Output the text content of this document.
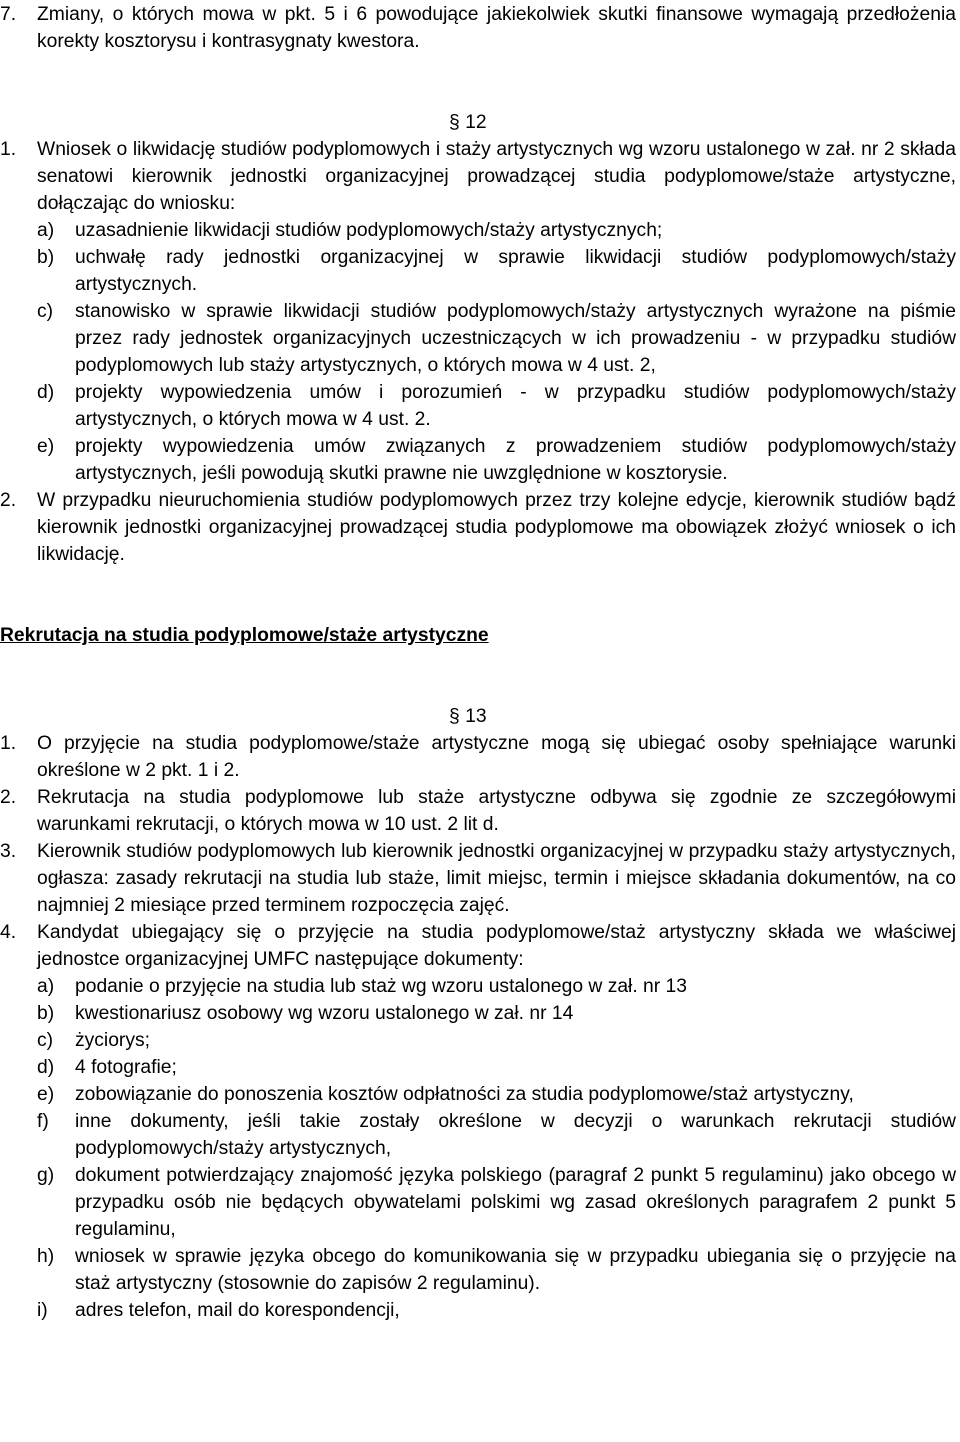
7.	Zmiany, o których mowa w pkt. 5 i 6 powodujące jakiekolwiek skutki finansowe wymagają przedłożenia korekty kosztorysu i kontrasygnaty kwestora.

§ 12
1.	Wniosek o likwidację studiów podyplomowych i staży artystycznych wg wzoru ustalonego w zał. nr 2 składa senatowi kierownik jednostki organizacyjnej prowadzącej studia podyplomowe/staże artystyczne, dołączając do wniosku:

a)	uzasadnienie likwidacji studiów podyplomowych/staży artystycznych;

b)	uchwałę rady jednostki organizacyjnej w sprawie likwidacji studiów podyplomowych/staży artystycznych.

c)	stanowisko w sprawie likwidacji studiów podyplomowych/staży artystycznych wyrażone na piśmie przez rady jednostek organizacyjnych uczestniczących w ich prowadzeniu - w przypadku studiów podyplomowych lub staży artystycznych, o których mowa w 4 ust. 2,

d)	projekty wypowiedzenia umów i porozumień - w przypadku studiów podyplomowych/staży artystycznych, o których mowa w 4 ust. 2.

e)	projekty wypowiedzenia umów związanych z prowadzeniem studiów podyplomowych/staży artystycznych, jeśli powodują skutki prawne nie uwzględnione w kosztorysie.

2.	W przypadku nieuruchomienia studiów podyplomowych przez trzy kolejne edycje, kierownik studiów bądź kierownik jednostki organizacyjnej prowadzącej studia podyplomowe ma obowiązek złożyć wniosek o ich likwidację.

Rekrutacja na studia podyplomowe/staże artystyczne

§ 13
1.	O przyjęcie na studia podyplomowe/staże artystyczne mogą się ubiegać osoby spełniające warunki określone w 2 pkt. 1 i 2.

2.	Rekrutacja na studia podyplomowe lub staże artystyczne odbywa się zgodnie ze szczegółowymi warunkami rekrutacji, o których mowa w 10 ust. 2 lit d.

3.	Kierownik studiów podyplomowych lub kierownik jednostki organizacyjnej w przypadku staży artystycznych, ogłasza: zasady rekrutacji na studia lub staże, limit miejsc, termin i miejsce składania dokumentów, na co najmniej 2 miesiące przed terminem rozpoczęcia zajęć.

4.	Kandydat ubiegający się o przyjęcie na studia podyplomowe/staż artystyczny składa we właściwej jednostce organizacyjnej UMFC następujące dokumenty:

a)	podanie o przyjęcie na studia lub staż wg wzoru ustalonego w zał. nr 13

b)	kwestionariusz osobowy wg wzoru ustalonego w zał. nr 14

c)	życiorys;

d)	4 fotografie;

e)	zobowiązanie do ponoszenia kosztów odpłatności za studia podyplomowe/staż artystyczny,

f)	inne dokumenty, jeśli takie zostały określone w decyzji o warunkach rekrutacji studiów podyplomowych/staży artystycznych,

g)	dokument potwierdzający znajomość języka polskiego (paragraf 2 punkt 5 regulaminu) jako obcego w przypadku osób nie będących obywatelami polskimi wg zasad określonych paragrafem 2 punkt 5 regulaminu,

h)	wniosek w sprawie języka obcego do komunikowania się w przypadku ubiegania się o przyjęcie na staż artystyczny (stosownie do zapisów 2 regulaminu).

i)	adres telefon, mail do korespondencji,
